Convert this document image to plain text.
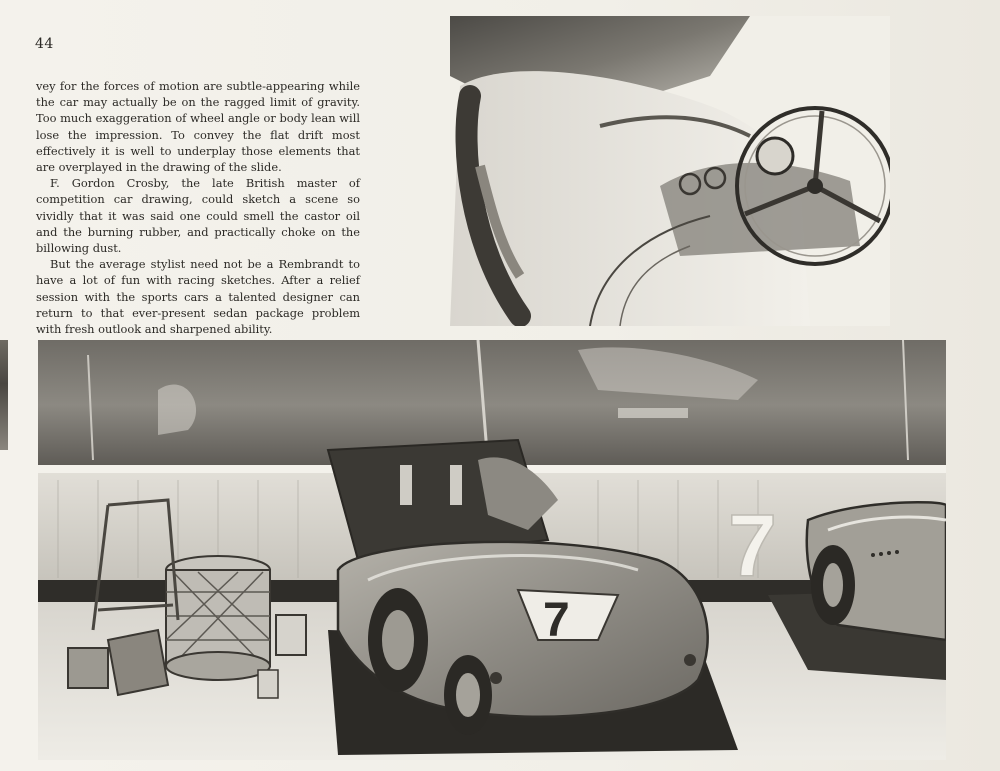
44

vey for the forces of motion are subtle-appearing while the car may actually be on the ragged limit of gravity. Too much exaggeration of wheel angle or body lean will lose the impression. To convey the flat drift most effectively it is well to underplay those elements that are overplayed in the drawing of the slide.

F. Gordon Crosby, the late British master of competition car drawing, could sketch a scene so vividly that it was said one could smell the castor oil and the burning rubber, and practically choke on the billowing dust.

But the average stylist need not be a Rembrandt to have a lot of fun with racing sketches. After a relief session with the sports cars a talented designer can return to that ever-present sedan package problem with fresh outlook and sharpened ability.

7
7
